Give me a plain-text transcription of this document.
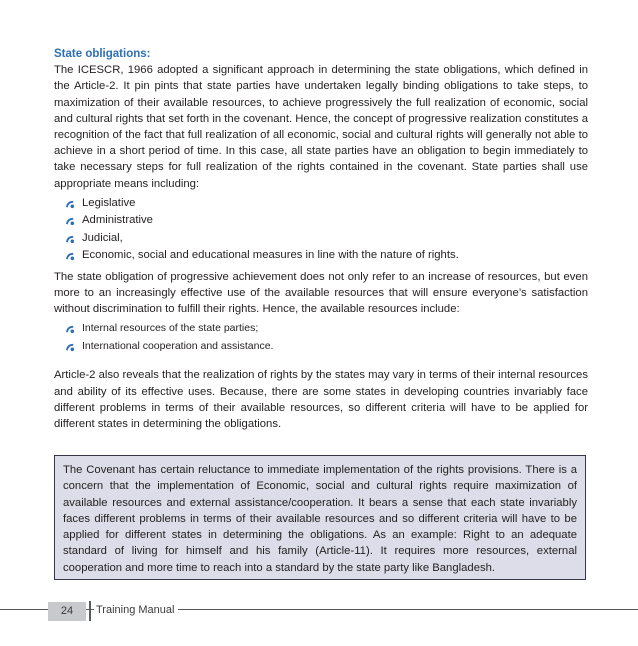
State obligations:

The ICESCR, 1966 adopted a significant approach in determining the state obligations, which defined in the Article-2. It pin pints that state parties have undertaken legally binding obligations to take steps, to maximization of their available resources, to achieve progressively the full realization of economic, social and cultural rights that set forth in the covenant. Hence, the concept of progressive realization constitutes a recognition of the fact that full realization of all economic, social and cultural rights will generally not able to achieve in a short period of time. In this case, all state parties have an obligation to begin immediately to take necessary steps for full realization of the rights contained in the covenant. State parties shall use appropriate means including:

Legislative
Administrative
Judicial,
Economic, social and educational measures in line with the nature of rights.

The state obligation of progressive achievement does not only refer to an increase of resources, but even more to an increasingly effective use of the available resources that will ensure everyone’s satisfaction without discrimination to fulfill their rights. Hence, the available resources include:

Internal resources of the state parties;
International cooperation and assistance.

Article-2 also reveals that the realization of rights by the states may vary in terms of their internal resources and ability of its effective uses. Because, there are some states in developing countries invariably face different problems in terms of their available resources, so different criteria will have to be applied for different states in determining the obligations.

The Covenant has certain reluctance to immediate implementation of the rights provisions. There is a concern that the implementation of Economic, social and cultural rights require maximization of available resources and external assistance/cooperation. It bears a sense that each state invariably faces different problems in terms of their available resources and so different criteria will have to be applied for different states in determining the obligations. As an example: Right to an adequate standard of living for himself and his family (Article-11). It requires more resources, external cooperation and more time to reach into a standard by the state party like Bangladesh.

24	Training Manual
